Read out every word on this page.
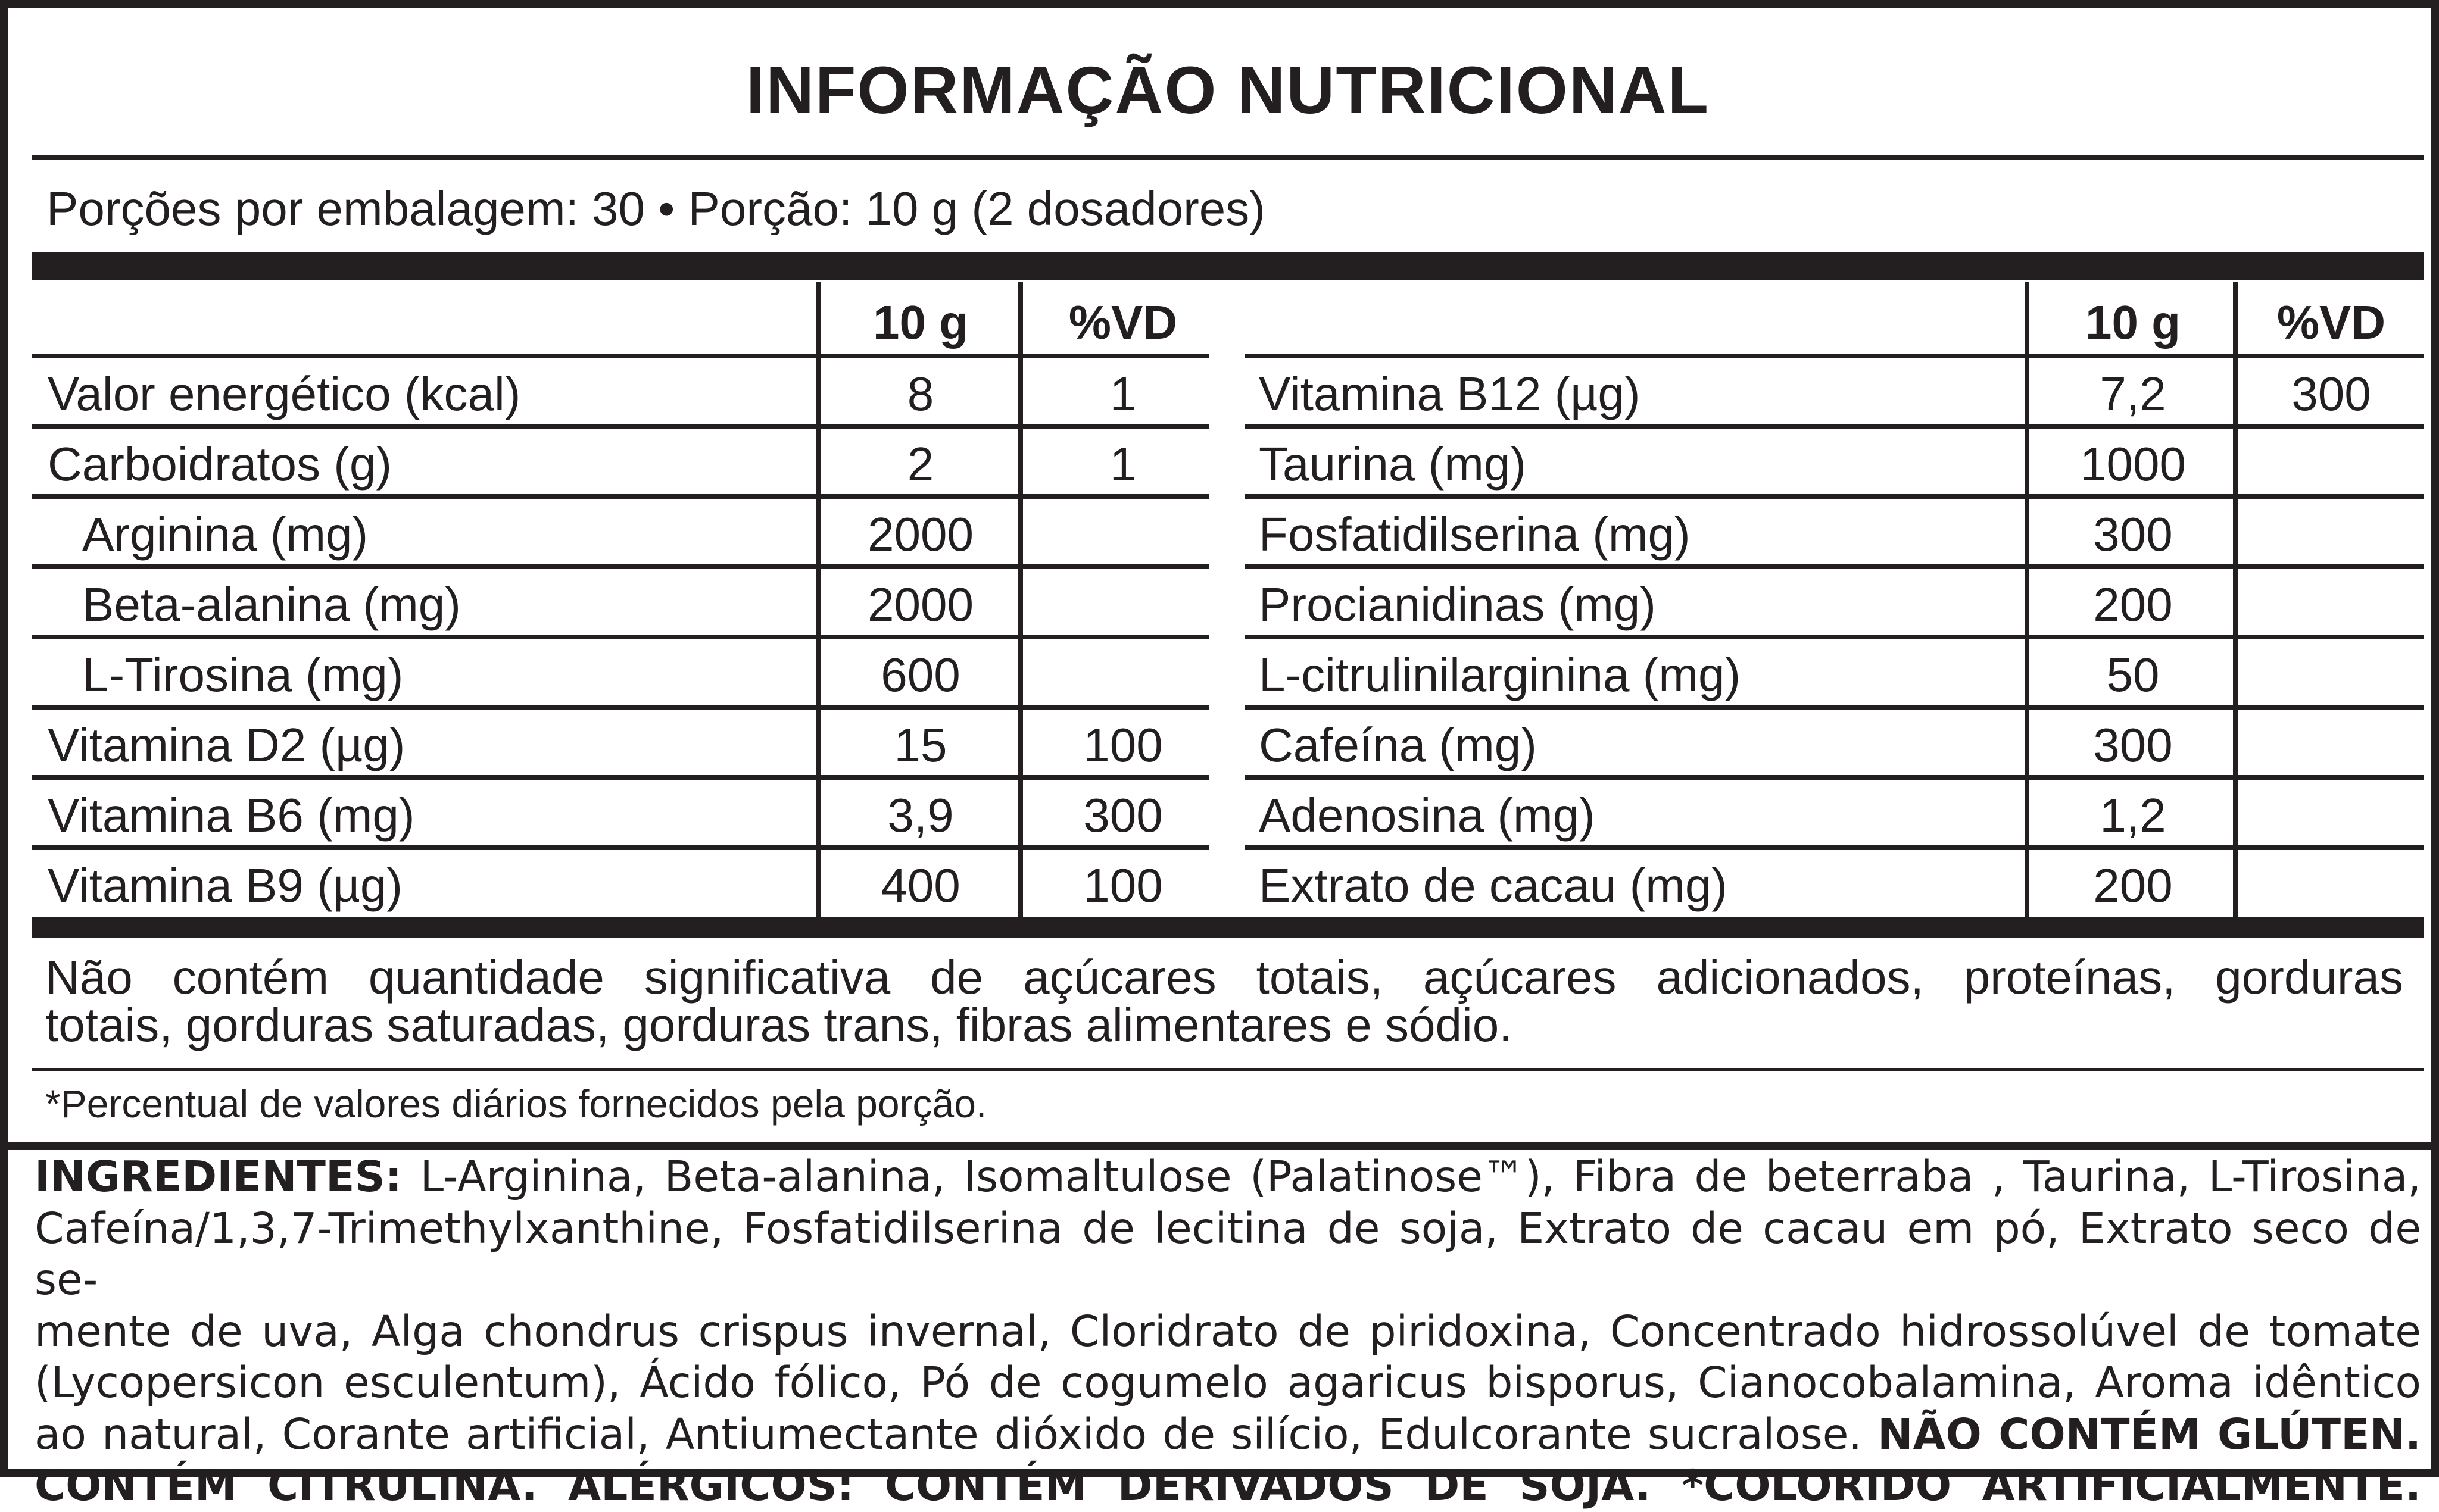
INFORMAÇÃO NUTRICIONAL
Porções por embalagem: 30 • Porção: 10 g (2 dosadores)
10 g	%VD	10 g	%VD
Valor energético (kcal)	8	1
Carboidratos (g)	2	1
Arginina (mg)	2000
Beta-alanina (mg)	2000
L-Tirosina (mg)	600
Vitamina D2 (µg)	15	100
Vitamina B6 (mg)	3,9	300
Vitamina B9 (µg)	400	100
Vitamina B12 (µg)	7,2	300
Taurina (mg)	1000
Fosfatidilserina (mg)	300
Procianidinas (mg)	200
L-citrulinilarginina (mg)	50
Cafeína (mg)	300
Adenosina (mg)	1,2
Extrato de cacau (mg)	200
Não contém quantidade significativa de açúcares totais, açúcares adicionados, proteínas, gorduras
totais, gorduras saturadas, gorduras trans, fibras alimentares e sódio.
*Percentual de valores diários fornecidos pela porção.
INGREDIENTES: L-Arginina, Beta-alanina, Isomaltulose (Palatinose™), Fibra de beterraba , Taurina, L-Tirosina,
Cafeína/1,3,7-Trimethylxanthine, Fosfatidilserina de lecitina de soja, Extrato de cacau em pó, Extrato seco de se-
mente de uva, Alga chondrus crispus invernal, Cloridrato de piridoxina, Concentrado hidrossolúvel de tomate
(Lycopersicon esculentum), Ácido fólico, Pó de cogumelo agaricus bisporus, Cianocobalamina, Aroma idêntico
ao natural, Corante artificial, Antiumectante dióxido de silício, Edulcorante sucralose. NÃO CONTÉM GLÚTEN.
CONTÉM CITRULINA. ALÉRGICOS: CONTÉM DERIVADOS DE SOJA. *COLORIDO ARTIFICIALMENTE.
